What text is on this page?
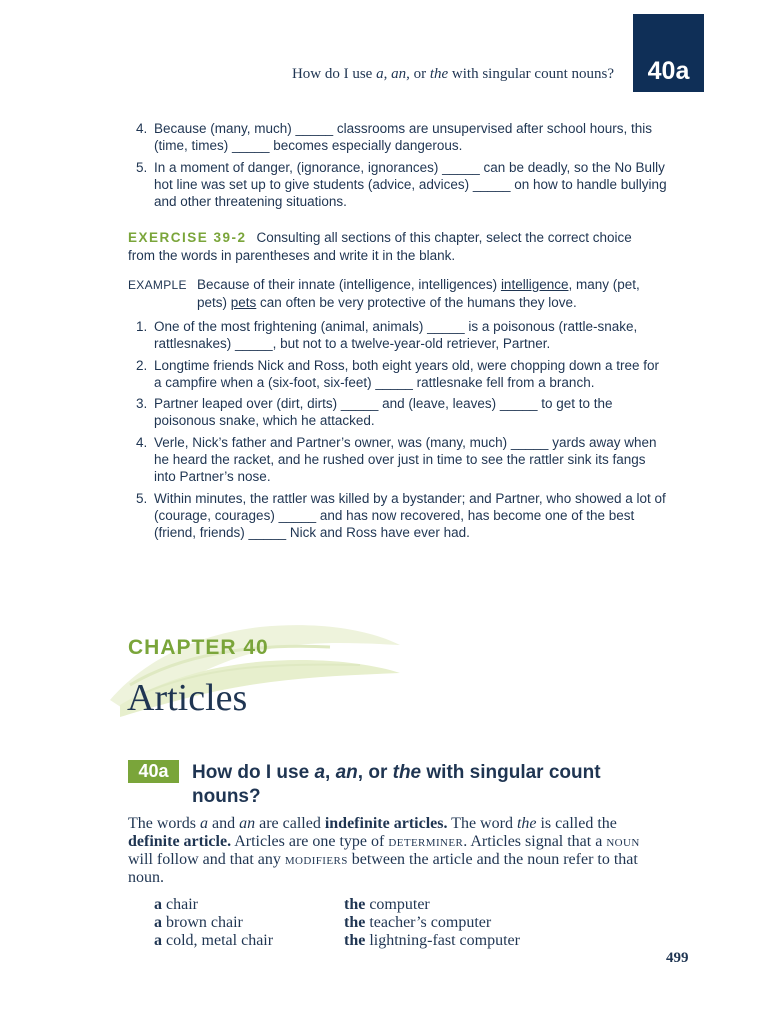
How do I use a, an, or the with singular count nouns?	40a
4. Because (many, much) _____ classrooms are unsupervised after school hours, this (time, times) _____ becomes especially dangerous.
5. In a moment of danger, (ignorance, ignorances) _____ can be deadly, so the No Bully hot line was set up to give students (advice, advices) _____ on how to handle bullying and other threatening situations.
EXERCISE 39-2 Consulting all sections of this chapter, select the correct choice from the words in parentheses and write it in the blank.
EXAMPLE Because of their innate (intelligence, intelligences) intelligence, many (pet, pets) pets can often be very protective of the humans they love.
1. One of the most frightening (animal, animals) _____ is a poisonous (rattle-snake, rattlesnakes) _____, but not to a twelve-year-old retriever, Partner.
2. Longtime friends Nick and Ross, both eight years old, were chopping down a tree for a campfire when a (six-foot, six-feet) _____ rattlesnake fell from a branch.
3. Partner leaped over (dirt, dirts) _____ and (leave, leaves) _____ to get to the poisonous snake, which he attacked.
4. Verle, Nick’s father and Partner’s owner, was (many, much) _____ yards away when he heard the racket, and he rushed over just in time to see the rattler sink its fangs into Partner’s nose.
5. Within minutes, the rattler was killed by a bystander; and Partner, who showed a lot of (courage, courages) _____ and has now recovered, has become one of the best (friend, friends) _____ Nick and Ross have ever had.
CHAPTER 40
Articles
40a	How do I use a, an, or the with singular count nouns?
The words a and an are called indefinite articles. The word the is called the definite article. Articles are one type of determiner. Articles signal that a noun will follow and that any modifiers between the article and the noun refer to that noun.
a chair
a brown chair
a cold, metal chair
the computer
the teacher’s computer
the lightning-fast computer
499
